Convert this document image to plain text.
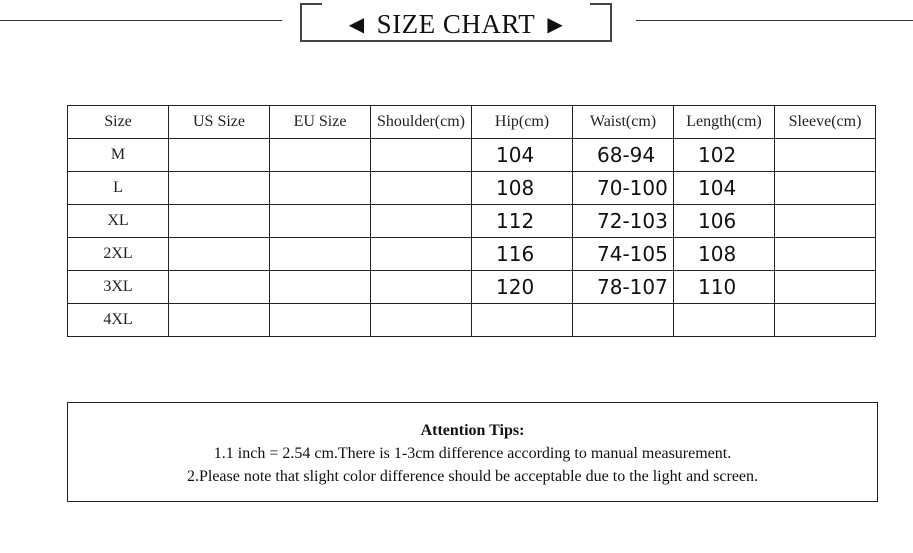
◀ SIZE CHART ▶
Size	US Size	EU Size	Shoulder(cm)	Hip(cm)	Waist(cm)	Length(cm)	Sleeve(cm)
M				104	68-94	102	
L				108	70-100	104	
XL				112	72-103	106	
2XL				116	74-105	108	
3XL				120	78-107	110	
4XL							
Attention Tips:
1.1 inch = 2.54 cm.There is 1-3cm difference according to manual measurement.
2.Please note that slight color difference should be acceptable due to the light and screen.
